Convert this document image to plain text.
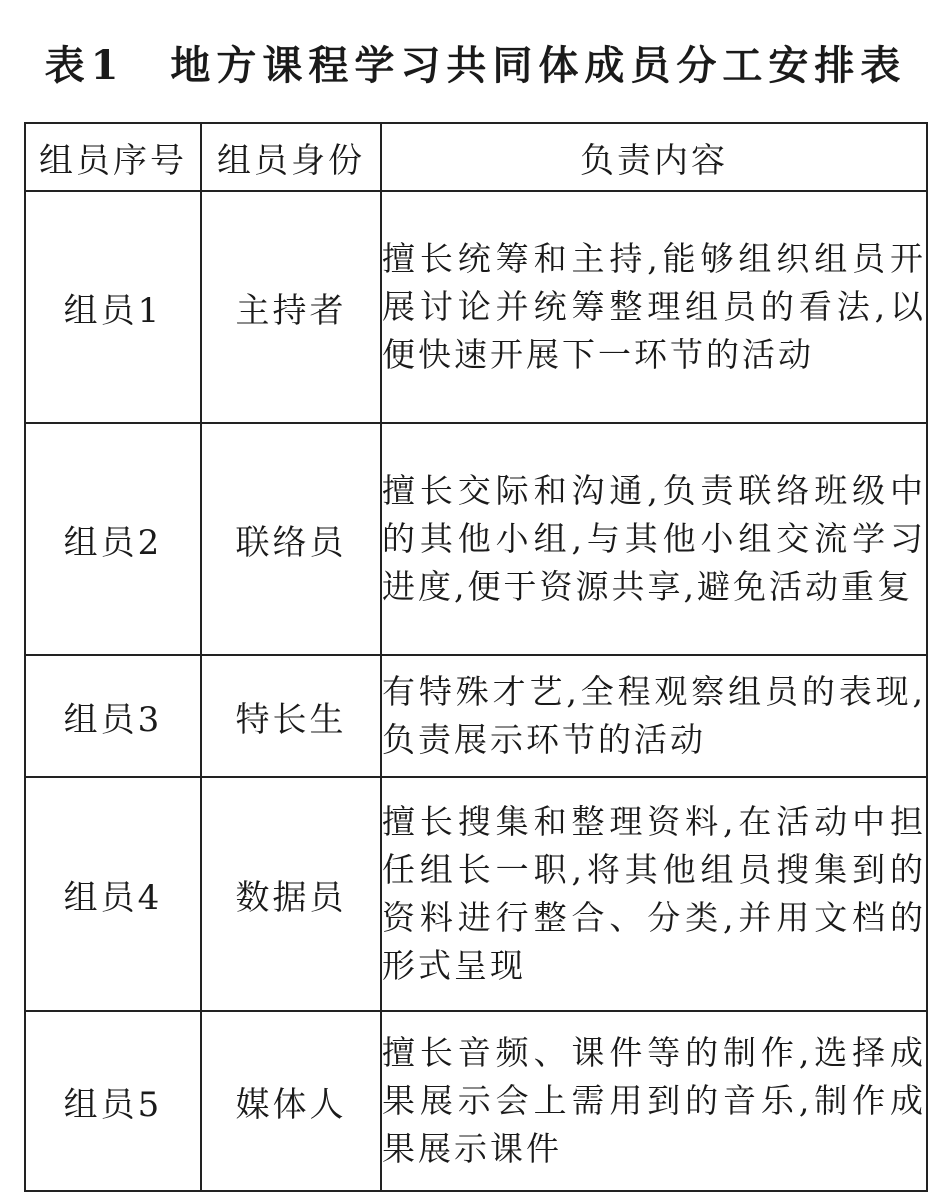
表1　地方课程学习共同体成员分工安排表
组员序号	组员身份	负责内容
组员1	主持者	擅长统筹和主持,能够组织组员开展讨论并统筹整理组员的看法,以便快速开展下一环节的活动
组员2	联络员	擅长交际和沟通,负责联络班级中的其他小组,与其他小组交流学习进度,便于资源共享,避免活动重复
组员3	特长生	有特殊才艺,全程观察组员的表现,负责展示环节的活动
组员4	数据员	擅长搜集和整理资料,在活动中担任组长一职,将其他组员搜集到的资料进行整合、分类,并用文档的形式呈现
组员5	媒体人	擅长音频、课件等的制作,选择成果展示会上需用到的音乐,制作成果展示课件
